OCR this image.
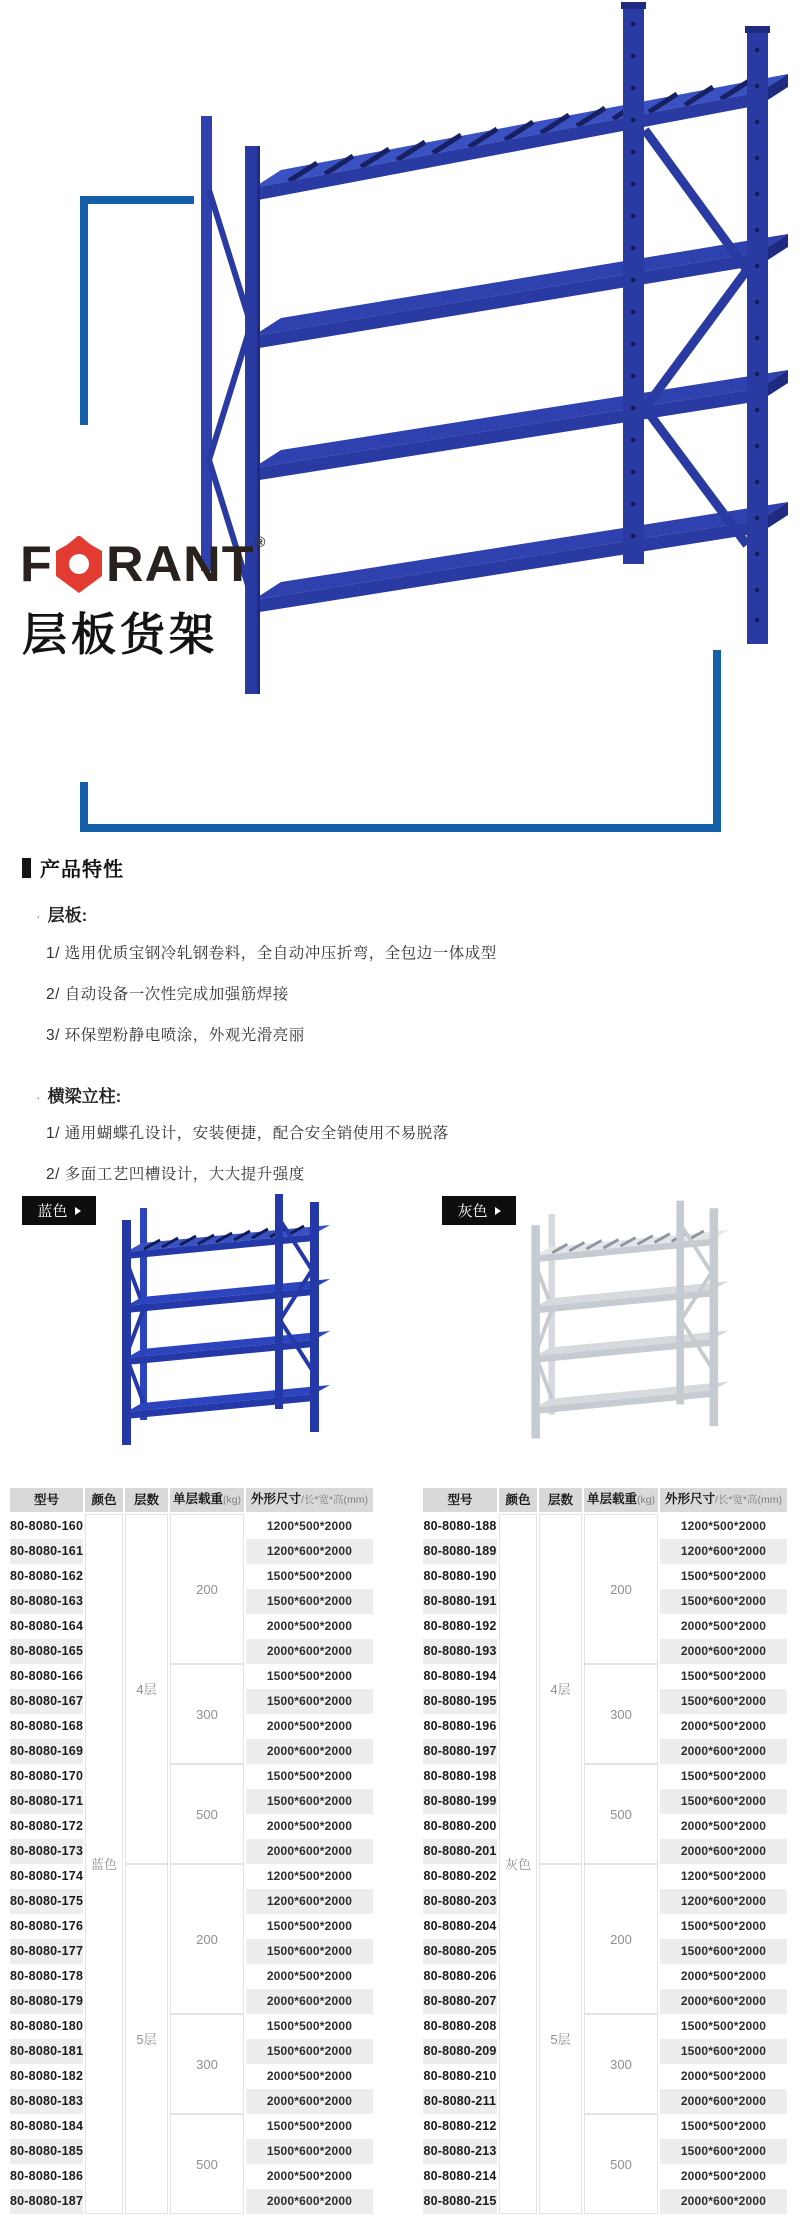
F RANT ®
层板货架
产品特性
· 层板:
1/ 选用优质宝钢冷轧钢卷料，全自动冲压折弯，全包边一体成型
2/ 自动设备一次性完成加强筋焊接
3/ 环保塑粉静电喷涂，外观光滑亮丽
· 横梁立柱:
1/ 通用蝴蝶孔设计，安装便捷，配合安全销使用不易脱落
2/ 多面工艺凹槽设计，大大提升强度
蓝色	灰色
型号	颜色	层数	单层载重(kg)	外形尺寸/长*宽*高(mm)
80-8080-160	蓝色	4层	200	1200*500*2000
80-8080-161				1200*600*2000
80-8080-162				1500*500*2000
80-8080-163				1500*600*2000
80-8080-164				2000*500*2000
80-8080-165				2000*600*2000
80-8080-166			300	1500*500*2000
80-8080-167				1500*600*2000
80-8080-168				2000*500*2000
80-8080-169				2000*600*2000
80-8080-170			500	1500*500*2000
80-8080-171				1500*600*2000
80-8080-172				2000*500*2000
80-8080-173				2000*600*2000
80-8080-174		5层	200	1200*500*2000
80-8080-175				1200*600*2000
80-8080-176				1500*500*2000
80-8080-177				1500*600*2000
80-8080-178				2000*500*2000
80-8080-179				2000*600*2000
80-8080-180			300	1500*500*2000
80-8080-181				1500*600*2000
80-8080-182				2000*500*2000
80-8080-183				2000*600*2000
80-8080-184			500	1500*500*2000
80-8080-185				1500*600*2000
80-8080-186				2000*500*2000
80-8080-187				2000*600*2000
型号	颜色	层数	单层载重(kg)	外形尺寸/长*宽*高(mm)
80-8080-188	灰色	4层	200	1200*500*2000
80-8080-189				1200*600*2000
80-8080-190				1500*500*2000
80-8080-191				1500*600*2000
80-8080-192				2000*500*2000
80-8080-193				2000*600*2000
80-8080-194			300	1500*500*2000
80-8080-195				1500*600*2000
80-8080-196				2000*500*2000
80-8080-197				2000*600*2000
80-8080-198			500	1500*500*2000
80-8080-199				1500*600*2000
80-8080-200				2000*500*2000
80-8080-201				2000*600*2000
80-8080-202		5层	200	1200*500*2000
80-8080-203				1200*600*2000
80-8080-204				1500*500*2000
80-8080-205				1500*600*2000
80-8080-206				2000*500*2000
80-8080-207				2000*600*2000
80-8080-208			300	1500*500*2000
80-8080-209				1500*600*2000
80-8080-210				2000*500*2000
80-8080-211				2000*600*2000
80-8080-212			500	1500*500*2000
80-8080-213				1500*600*2000
80-8080-214				2000*500*2000
80-8080-215				2000*600*2000
